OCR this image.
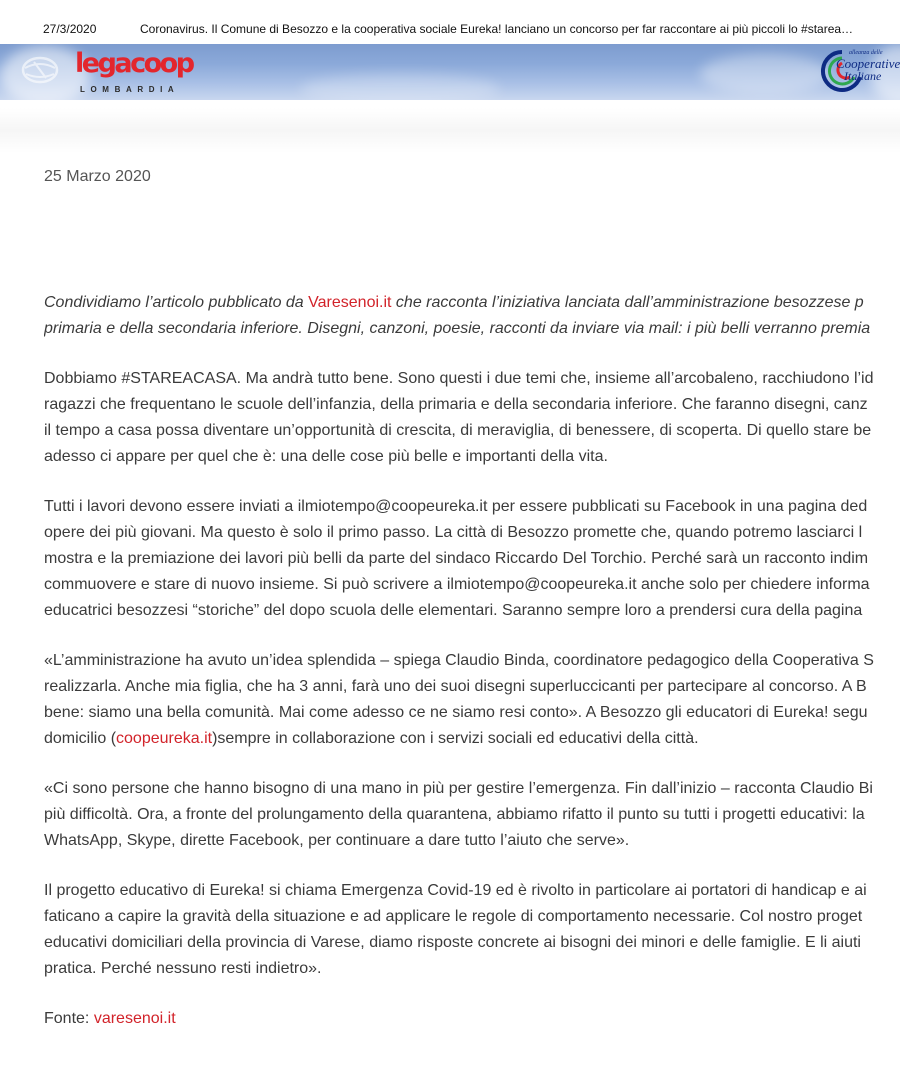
27/3/2020	Coronavirus. Il Comune di Besozzo e la cooperativa sociale Eureka! lanciano un concorso per far raccontare ai più piccoli lo #starea…
legacoop
LOMBARDIA
alleanza delle
Cooperative
Italiane
25 Marzo 2020

Condividiamo l’articolo pubblicato da Varesenoi.it che racconta l’iniziativa lanciata dall’amministrazione besozzese p
primaria e della secondaria inferiore. Disegni, canzoni, poesie, racconti da inviare via mail: i più belli verranno premia

Dobbiamo #STAREACASA. Ma andrà tutto bene. Sono questi i due temi che, insieme all’arcobaleno, racchiudono l’id
ragazzi che frequentano le scuole dell’infanzia, della primaria e della secondaria inferiore. Che faranno disegni, canz
il tempo a casa possa diventare un’opportunità di crescita, di meraviglia, di benessere, di scoperta. Di quello stare be
adesso ci appare per quel che è: una delle cose più belle e importanti della vita.

Tutti i lavori devono essere inviati a ilmiotempo@coopeureka.it per essere pubblicati su Facebook in una pagina ded
opere dei più giovani. Ma questo è solo il primo passo. La città di Besozzo promette che, quando potremo lasciarci l
mostra e la premiazione dei lavori più belli da parte del sindaco Riccardo Del Torchio. Perché sarà un racconto indim
commuovere e stare di nuovo insieme. Si può scrivere a ilmiotempo@coopeureka.it anche solo per chiedere informa
educatrici besozzesi “storiche” del dopo scuola delle elementari. Saranno sempre loro a prendersi cura della pagina

«L’amministrazione ha avuto un’idea splendida – spiega Claudio Binda, coordinatore pedagogico della Cooperativa S
realizzarla. Anche mia figlia, che ha 3 anni, farà uno dei suoi disegni superluccicanti per partecipare al concorso. A B
bene: siamo una bella comunità. Mai come adesso ce ne siamo resi conto». A Besozzo gli educatori di Eureka! segu
domicilio (coopeureka.it)sempre in collaborazione con i servizi sociali ed educativi della città.

«Ci sono persone che hanno bisogno di una mano in più per gestire l’emergenza. Fin dall’inizio – racconta Claudio Bi
più difficoltà. Ora, a fronte del prolungamento della quarantena, abbiamo rifatto il punto su tutti i progetti educativi: la
WhatsApp, Skype, dirette Facebook, per continuare a dare tutto l’aiuto che serve».

Il progetto educativo di Eureka! si chiama Emergenza Covid-19 ed è rivolto in particolare ai portatori di handicap e ai
faticano a capire la gravità della situazione e ad applicare le regole di comportamento necessarie. Col nostro proget
educativi domiciliari della provincia di Varese, diamo risposte concrete ai bisogni dei minori e delle famiglie. E li aiuti
pratica. Perché nessuno resti indietro».

Fonte: varesenoi.it
